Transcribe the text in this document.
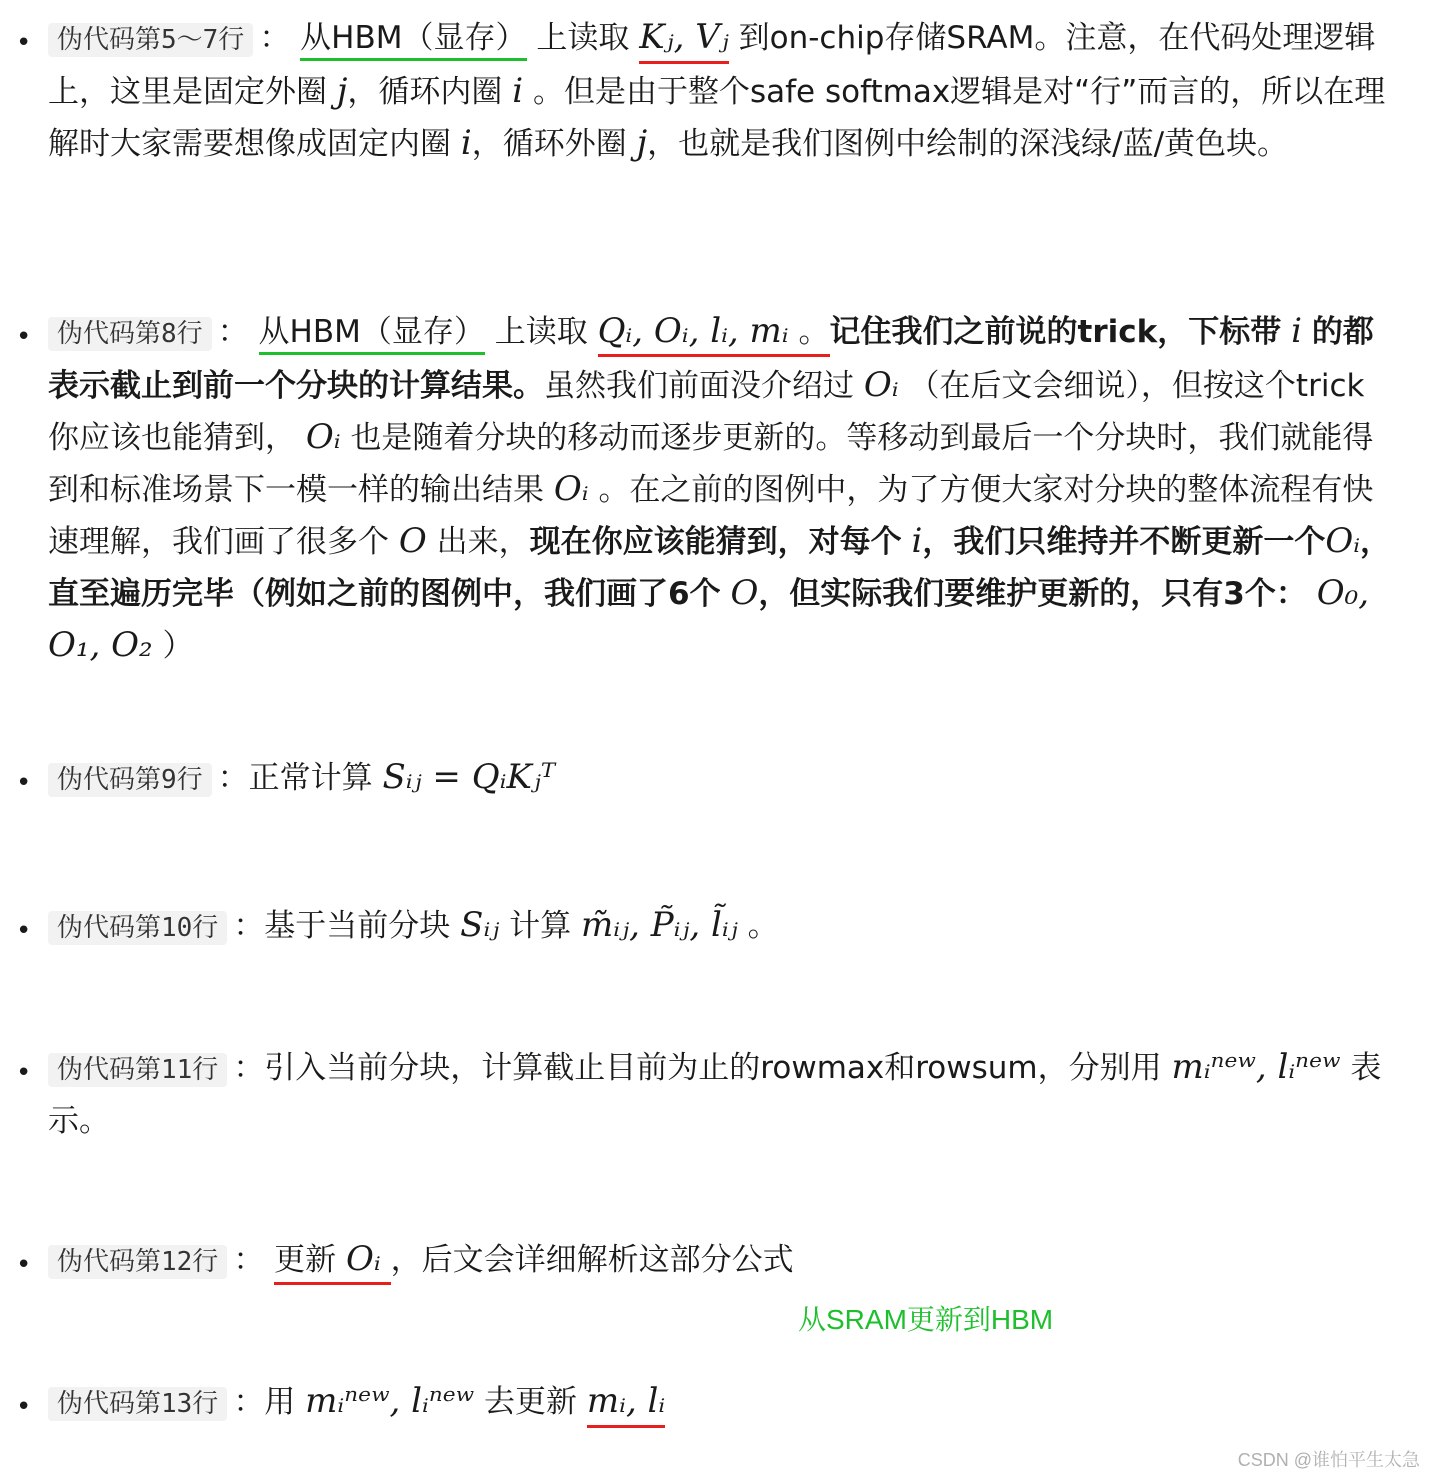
• 伪代码第5～7行 ： 从HBM（显存） 上读取 Kⱼ, Vⱼ 到on-chip存储SRAM。注意，在代码处理逻辑上，这里是固定外圈 j，循环内圈 i 。但是由于整个safe softmax逻辑是对“行”而言的，所以在理解时大家需要想像成固定内圈 i，循环外圈 j，也就是我们图例中绘制的深浅绿/蓝/黄色块。

• 伪代码第8行 ： 从HBM（显存） 上读取 Qᵢ, Oᵢ, lᵢ, mᵢ 。记住我们之前说的trick，下标带 i 的都表示截止到前一个分块的计算结果。虽然我们前面没介绍过 Oᵢ （在后文会细说），但按这个trick你应该也能猜到， Oᵢ 也是随着分块的移动而逐步更新的。等移动到最后一个分块时，我们就能得到和标准场景下一模一样的输出结果 Oᵢ 。在之前的图例中，为了方便大家对分块的整体流程有快速理解，我们画了很多个 O 出来，现在你应该能猜到，对每个 i，我们只维持并不断更新一个Oᵢ，直至遍历完毕（例如之前的图例中，我们画了6个 O，但实际我们要维护更新的，只有3个： O₀, O₁, O₂ ）

• 伪代码第9行 ：正常计算 Sᵢⱼ = QᵢKⱼᵀ

• 伪代码第10行 ：基于当前分块 Sᵢⱼ 计算 m̃ᵢⱼ, P̃ᵢⱼ, l̃ᵢⱼ 。

• 伪代码第11行 ：引入当前分块，计算截止目前为止的rowmax和rowsum，分别用 mᵢⁿᵉʷ, lᵢⁿᵉʷ 表示。

• 伪代码第12行 ： 更新 Oᵢ ，后文会详细解析这部分公式

从SRAM更新到HBM
• 伪代码第13行 ：用 mᵢⁿᵉʷ, lᵢⁿᵉʷ 去更新 mᵢ, lᵢ

CSDN @谁怕平生太急
